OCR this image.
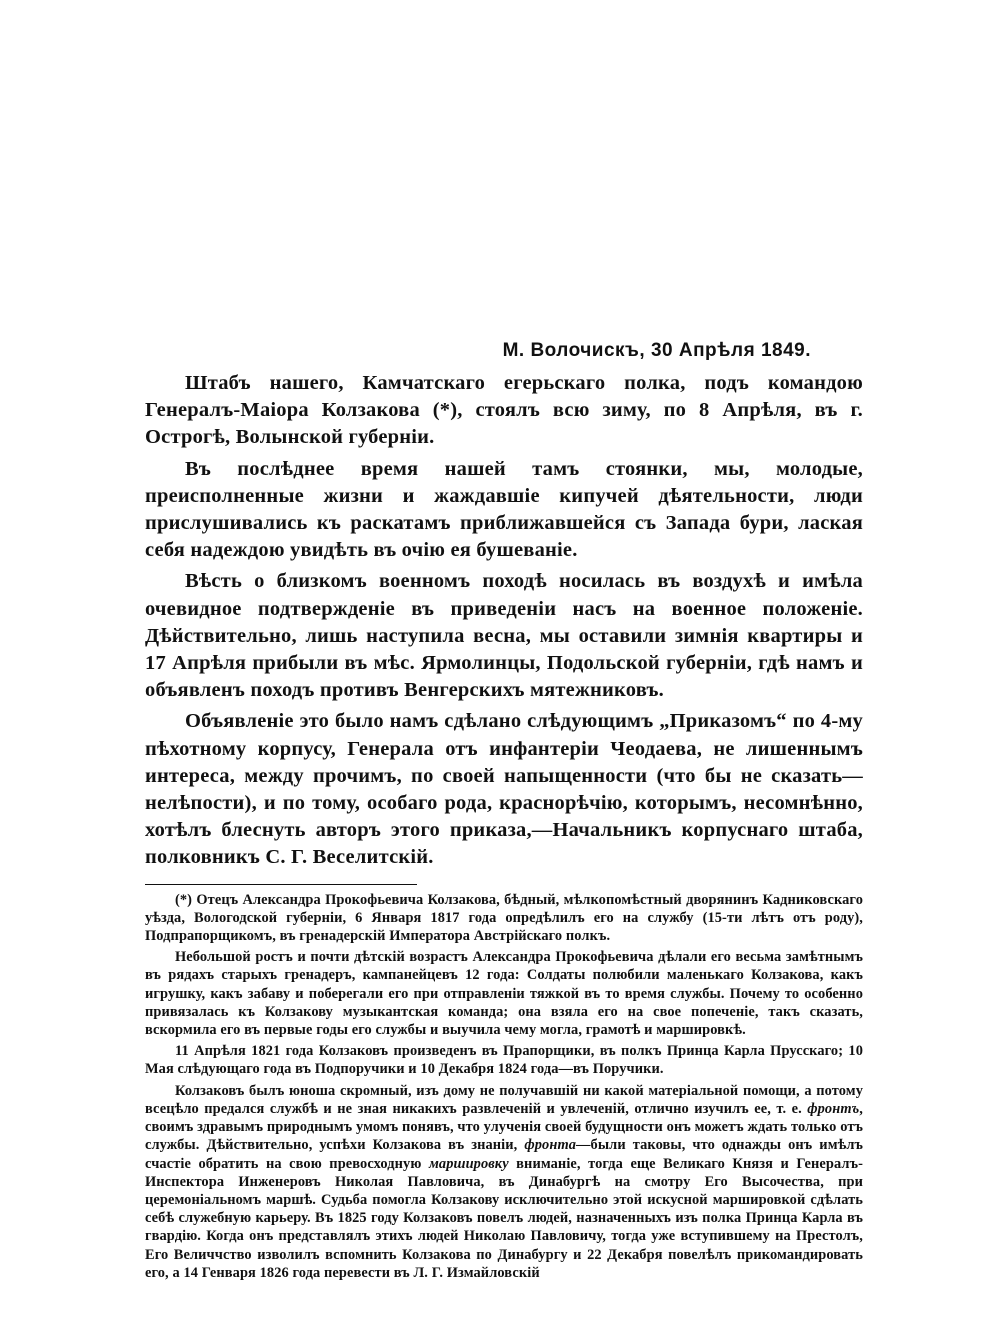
М. Волочискъ, 30 Апрѣля 1849.

Штабъ нашего, Камчатскаго егерьскаго полка, подъ командою Генералъ-Маіора Колзакова (*), стоялъ всю зиму, по 8 Апрѣля, въ г. Острогѣ, Волынской губерніи.

Въ послѣднее время нашей тамъ стоянки, мы, молодые, преисполненные жизни и жаждавшіе кипучей дѣятельности, люди прислушивались къ раскатамъ приближавшейся съ Запада бури, лаская себя надеждою увидѣть въ очію ея бушеваніе.

Вѣсть о близкомъ военномъ походѣ носилась въ воздухѣ и имѣла очевидное подтвержденіе въ приведеніи насъ на военное положеніе. Дѣйствительно, лишь наступила весна, мы оставили зимнія квартиры и 17 Апрѣля прибыли въ мѣс. Ярмолинцы, Подольской губерніи, гдѣ намъ и объявленъ походъ противъ Венгерскихъ мятежниковъ.

Объявленіе это было намъ сдѣлано слѣдующимъ „Приказомъ“ по 4-му пѣхотному корпусу, Генерала отъ инфантеріи Чеодаева, не лишеннымъ интереса, между прочимъ, по своей напыщенности (что бы не сказать—нелѣпости), и по тому, особаго рода, краснорѣчію, которымъ, несомнѣнно, хотѣлъ блеснуть авторъ этого приказа,—Начальникъ корпуснаго штаба, полковникъ С. Г. Веселитскій.

(*) Отецъ Александра Прокофьевича Колзакова, бѣдный, мѣлкопомѣстный дворянинъ Кадниковскаго уѣзда, Вологодской губерніи, 6 Января 1817 года опредѣлилъ его на службу (15-ти лѣтъ отъ роду), Подпрапорщикомъ, въ гренадерскій Императора Австрійскаго полкъ.

Небольшой ростъ и почти дѣтскій возрастъ Александра Прокофьевича дѣлали его весьма замѣтнымъ въ рядахъ старыхъ гренадеръ, кампанейцевъ 12 года: Солдаты полюбили маленькаго Колзакова, какъ игрушку, какъ забаву и поберегали его при отправленіи тяжкой въ то время службы. Почему то особенно привязалась къ Колзакову музыкантская команда; она взяла его на свое попеченіе, такъ сказать, вскормила его въ первые годы его службы и выучила чему могла, грамотѣ и маршировкѣ.

11 Апрѣля 1821 года Колзаковъ произведенъ въ Прапорщики, въ полкъ Принца Карла Прусскаго; 10 Мая слѣдующаго года въ Подпоручики и 10 Декабря 1824 года—въ Поручики.

Колзаковъ былъ юноша скромный, изъ дому не получавшій ни какой матеріальной помощи, а потому всецѣло предался службѣ и не зная никакихъ развлеченій и увлеченій, отлично изучилъ ее, т. е. фронтъ, своимъ здравымъ природнымъ умомъ понявъ, что улученія своей будущности онъ можетъ ждать только отъ службы. Дѣйствительно, успѣхи Колзакова въ знаніи, фронта—были таковы, что однажды онъ имѣлъ счастіе обратить на свою превосходную маршировку вниманіе, тогда еще Великаго Князя и Генералъ-Инспектора Инженеровъ Николая Павловича, въ Динабургѣ на смотру Его Высочества, при церемоніальномъ маршѣ. Судьба помогла Колзакову исключительно этой искусной маршировкой сдѣлать себѣ служебную карьеру. Въ 1825 году Колзаковъ повелъ людей, назначенныхъ изъ полка Принца Карла въ гвардію. Когда онъ представлялъ этихъ людей Николаю Павловичу, тогда уже вступившему на Престолъ, Его Величчство изволилъ вспомнить Колзакова по Динабургу и 22 Декабря повелѣлъ прикомандировать его, а 14 Генваря 1826 года перевести въ Л. Г. Измайловскій
